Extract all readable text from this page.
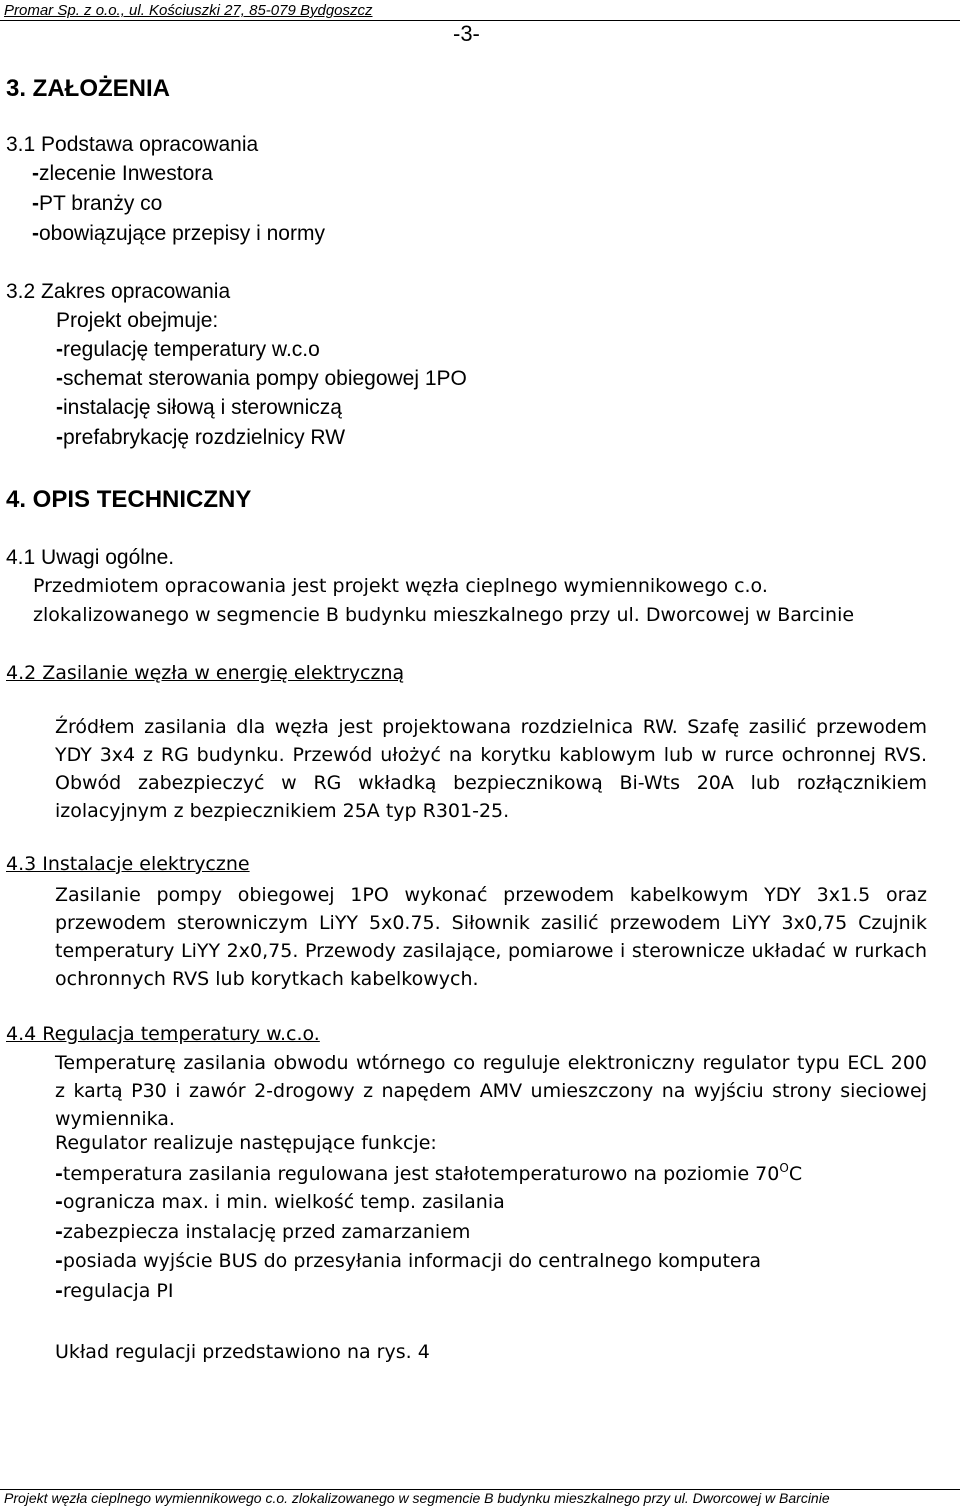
Promar Sp. z o.o., ul. Kościuszki 27, 85-079 Bydgoszcz
-3-
3. ZAŁOŻENIA
3.1 Podstawa opracowania
-zlecenie Inwestora
-PT branży co
-obowiązujące przepisy i normy
3.2 Zakres opracowania
Projekt obejmuje:
-regulację temperatury w.c.o
-schemat sterowania pompy obiegowej 1PO
-instalację siłową i sterowniczą
-prefabrykację rozdzielnicy RW
4. OPIS TECHNICZNY
4.1 Uwagi ogólne.
Przedmiotem opracowania jest projekt węzła cieplnego wymiennikowego c.o.
zlokalizowanego w segmencie B budynku mieszkalnego przy ul. Dworcowej w Barcinie
4.2 Zasilanie węzła w energię elektryczną

Źródłem zasilania dla węzła jest projektowana rozdzielnica RW. Szafę zasilić przewodem YDY 3x4 z RG budynku. Przewód ułożyć na korytku kablowym lub w rurce ochronnej RVS. Obwód zabezpieczyć w RG wkładką bezpiecznikową Bi-Wts 20A lub rozłącznikiem izolacyjnym z bezpiecznikiem 25A typ R301-25.

4.3 Instalacje elektryczne

Zasilanie pompy obiegowej 1PO wykonać przewodem kabelkowym YDY 3x1.5 oraz przewodem sterowniczym LiYY 5x0.75. Siłownik zasilić przewodem LiYY 3x0,75 Czujnik temperatury LiYY 2x0,75. Przewody zasilające, pomiarowe i sterownicze układać w rurkach ochronnych RVS lub korytkach kabelkowych.

4.4 Regulacja temperatury w.c.o.

Temperaturę zasilania obwodu wtórnego co reguluje elektroniczny regulator typu ECL 200 z kartą P30 i zawór 2-drogowy z napędem AMV umieszczony na wyjściu strony sieciowej wymiennika.

Regulator realizuje następujące funkcje:
-temperatura zasilania regulowana jest stałotemperaturowo na poziomie $70^OC$
-ogranicza max. i min. wielkość temp. zasilania
-zabezpiecza instalację przed zamarzaniem
-posiada wyjście BUS do przesyłania informacji do centralnego komputera
-regulacja PI
Układ regulacji przedstawiono na rys. 4
Projekt węzła cieplnego wymiennikowego c.o. zlokalizowanego w segmencie B budynku mieszkalnego przy ul. Dworcowej w Barcinie
